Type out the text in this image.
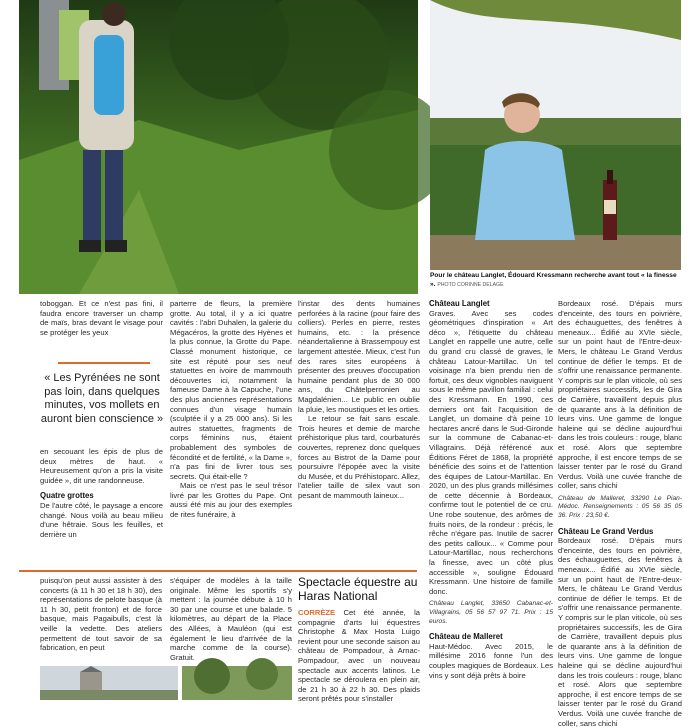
Pour le château Langlet, Édouard Kressmann recherche avant tout « la finesse ». PHOTO CORINNE DELAGE

toboggan. Et ce n'est pas fini, il faudra encore traverser un champ de maïs, bras devant le visage pour se protéger les yeux

« Les Pyrénées ne sont pas loin, dans quelques minutes, vos mollets en auront bien conscience »

en secouant les épis de plus de deux mètres de haut. « Heureusement qu'on a pris la visite guidée », dit une randonneuse.

Quatre grottes

De l'autre côté, le paysage a encore changé. Nous voilà au beau milieu d'une hêtraie. Sous les feuilles, et derrière un

parterre de fleurs, la première grotte. Au total, il y a ici quatre cavités : l'abri Duhalen, la galerie du Mégacéros, la grotte des Hyènes et la plus connue, la Grotte du Pape. Classé monument historique, ce site est réputé pour ses neuf statuettes en ivoire de mammouth découvertes ici, notamment la fameuse Dame à la Capuche, l'une des plus anciennes représentations connues d'un visage humain (sculptée il y a 25 000 ans). Si les autres statuettes, fragments de corps féminins nus, étaient probablement des symboles de fécondité et de fertilité, « la Dame », n'a pas fini de livrer tous ses secrets. Qui était-elle ?

Mais ce n'est pas le seul trésor livré par les Grottes du Pape. Ont aussi été mis au jour des exemples de rites funéraire, à

l'instar des dents humaines perforées à la racine (pour faire des colliers). Perles en pierre, restes humains, etc. : la présence néandertalienne à Brassempouy est largement attestée. Mieux, c'est l'un des rares sites européens à présenter des preuves d'occupation humaine pendant plus de 30 000 ans, du Châtelperronien au Magdalénien... Le public en oublie la pluie, les moustiques et les orties.

Le retour se fait sans escale. Trois heures et demie de marche préhistorique plus tard, courbaturés couvertes, reprenez donc quelques forces au Bistrot de la Dame pour poursuivre l'épopée avec la visite du Musée, et du Préhistoparc. Allez, l'atelier taille de silex vaut son pesant de mammouth laineux...

Château Langlet

Graves. Avec ses codes géométriques d'inspiration « Art déco », l'étiquette du château Langlet en rappelle une autre, celle du grand cru classé de graves, le château Latour-Martillac. Un tel voisinage n'a bien prendu rien de fortuit, ces deux vignobles naviguent sous le même pavillon familial : celui des Kressmann. En 1990, ces derniers ont fait l'acquisition de Langlet, un domaine d'à peine 10 hectares ancré dans le Sud-Gironde sur la commune de Cabanac-et-Villagrains. Déjà référencé aux Éditions Féret de 1868, la propriété bénéficie des soins et de l'attention des équipes de Latour-Martillac. En 2020, un des plus grands millésimes de cette décennie à Bordeaux, confirme tout le potentiel de ce cru. Une robe soutenue, des arômes de fruits noirs, de la rondeur : précis, le rêche n'égare pas. Inutile de sacrer des petits calloux... « Comme pour Latour-Martillac, nous recherchons la finesse, avec un côté plus accessible », souligne Édouard Kressmann. Une histoire de famille donc.

Château Langlet, 33650 Cabanac-et-Villagrains, 05 56 57 97 71. Prix : 15 euros.

Château de Malleret

Haut-Médoc. Avec 2015, le millésime 2016 fonne l'un des couples magiques de Bordeaux. Les vins y sont déjà prêts à boire

Bordeaux rosé. D'épais murs d'enceinte, des tours en poivrière, des échauguettes, des fenêtres à meneaux... Édifié au XVIe siècle, sur un point haut de l'Entre-deux-Mers, le château Le Grand Verdus continue de défier le temps. Et de s'offrir une renaissance permanente. Y compris sur le plan viticole, où ses propriétaires successifs, les de Gira de Carrière, travaillent depuis plus de quarante ans à la définition de leurs vins. Une gamme de longue haleine qui se décline aujourd'hui dans les trois couleurs : rouge, blanc et rosé. Alors que septembre approche, il est encore temps de se laisser tenter par le rosé du Grand Verdus. Voilà une cuvée franche de coller, sans chichi

Château de Malleret, 33290 Le Pian-Médoc. Renseignements : 05 56 35 05 36. Prix : 23,50 €.

Château Le Grand Verdus

Bordeaux rosé. D'épais murs d'enceinte, des tours en poivrière, des échauguettes, des fenêtres à meneaux... Édifié au XVIe siècle, sur un point haut de l'Entre-deux-Mers, le château Le Grand Verdus continue de défier le temps. Et de s'offrir une renaissance permanente. Y compris sur le plan viticole, où ses propriétaires successifs, les de Gira de Carrière, travaillent depuis plus de quarante ans à la définition de leurs vins. Une gamme de longue haleine qui se décline aujourd'hui dans les trois couleurs : rouge, blanc et rosé. Alors que septembre approche, il est encore temps de se laisser tenter par le rosé du Grand Verdus. Voilà une cuvée franche de coller, sans chichi

puisqu'on peut aussi assister à des concerts (à 11 h 30 et 18 h 30), des représentations de pelote basque (à 11 h 30, petit fronton) et de force basque, mais Pagaibulls, c'est là veille la vedette. Des ateliers permettent de tout savoir de sa fabrication, en peut

s'équiper de modèles à la taille originale. Même les sportifs s'y mettent : la journée débute à 10 h 30 par une course et une balade. 5 kilomètres, au départ de la Place des Allées, à Mauléon (qui est également le lieu d'arrivée de la marche comme de la course). Gratuit.

Spectacle équestre au Haras National

CORRÈZE Cet été année, la compagnie d'arts lui équestres Christophe & Max Hosta Luigo revient pour une seconde saison au château de Pompadour, à Arnac-Pompadour, avec un nouveau spectacle aux accents latinos. Le spectacle se déroulera en plein air, de 21 h 30 à 22 h 30. Des plaids seront prêtés pour s'installer
